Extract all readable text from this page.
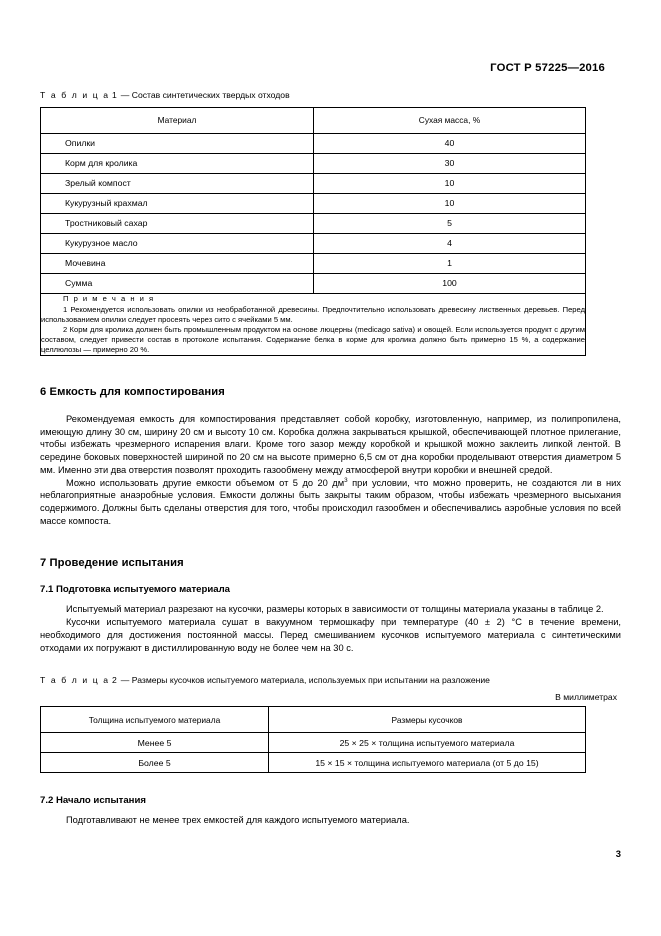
ГОСТ Р 57225—2016
Т а б л и ц а 1 — Состав синтетических твердых отходов
Материал	Сухая масса, %
Опилки	40
Корм для кролика	30
Зрелый компост	10
Кукурузный крахмал	10
Тростниковый сахар	5
Кукурузное масло	4
Мочевина	1
Сумма	100

П р и м е ч а н и я

1 Рекомендуется использовать опилки из необработанной древесины. Предпочтительно использовать древесину лиственных деревьев. Перед использованием опилки следует просеять через сито с ячейками 5 мм.

2 Корм для кролика должен быть промышленным продуктом на основе люцерны (medicago sativa) и овощей. Если используется продукт с другим составом, следует привести состав в протоколе испытания. Содержание белка в корме для кролика должно быть примерно 15 %, а содержание целлюлозы — примерно 20 %.	

6 Емкость для компостирования

Рекомендуемая емкость для компостирования представляет собой коробку, изготовленную, например, из полипропилена, имеющую длину 30 см, ширину 20 см и высоту 10 см. Коробка должна закрываться крышкой, обеспечивающей плотное прилегание, чтобы избежать чрезмерного испарения влаги. Кроме того зазор между коробкой и крышкой можно заклеить липкой лентой. В середине боковых поверхностей шириной по 20 см на высоте примерно 6,5 см от дна коробки проделывают отверстия диаметром 5 мм. Именно эти два отверстия позволят проходить газообмену между атмосферой внутри коробки и внешней средой.

Можно использовать другие емкости объемом от 5 до 20 $дм^3$ при условии, что можно проверить, не создаются ли в них неблагоприятные анаэробные условия. Емкости должны быть закрыты таким образом, чтобы избежать чрезмерного высыхания содержимого. Должны быть сделаны отверстия для того, чтобы происходил газообмен и обеспечивались аэробные условия по всей массе компоста.

7 Проведение испытания
7.1 Подготовка испытуемого материала

Испытуемый материал разрезают на кусочки, размеры которых в зависимости от толщины материала указаны в таблице 2.

Кусочки испытуемого материала сушат в вакуумном термошкафу при температуре (40 ± 2) °С в течение времени, необходимого для достижения постоянной массы. Перед смешиванием кусочков испытуемого материала с синтетическими отходами их погружают в дистиллированную воду не более чем на 30 с.

Т а б л и ц а 2 — Размеры кусочков испытуемого материала, используемых при испытании на разложение
В миллиметрах
Толщина испытуемого материала	Размеры кусочков
Менее 5	25 × 25 × толщина испытуемого материала
Более 5	15 × 15 × толщина испытуемого материала (от 5 до 15)
7.2 Начало испытания

Подготавливают не менее трех емкостей для каждого испытуемого материала.

3
